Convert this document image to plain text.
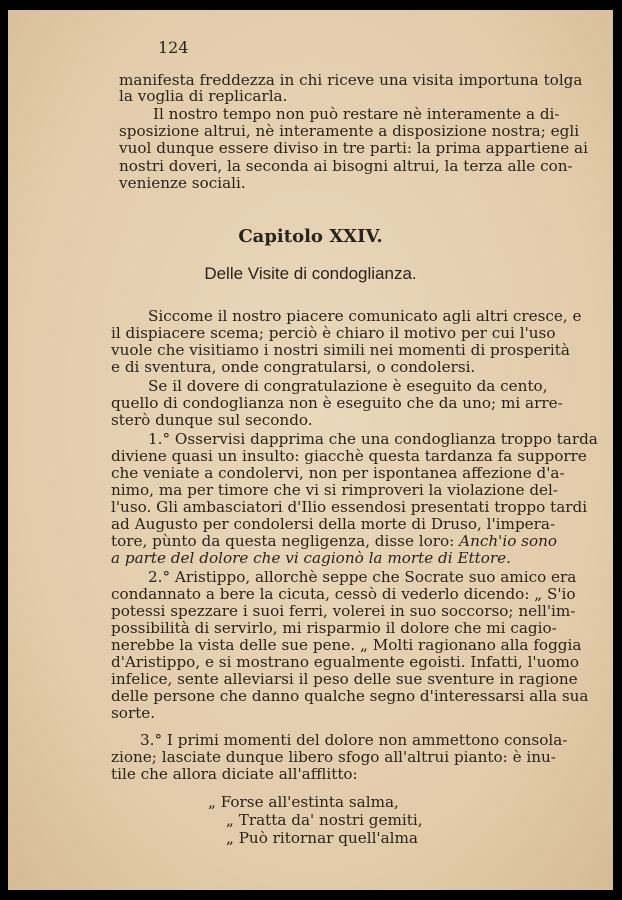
124
manifesta freddezza in chi riceve una visita importuna tolga
la voglia di replicarla.
Il nostro tempo non può restare nè interamente a di-
sposizione altrui, nè interamente a disposizione nostra; egli
vuol dunque essere diviso in tre parti: la prima appartiene ai
nostri doveri, la seconda ai bisogni altrui, la terza alle con-
venienze sociali.
Capitolo XXIV.
Delle Visite di condoglianza.
Siccome il nostro piacere comunicato agli altri cresce, e
il dispiacere scema; perciò è chiaro il motivo per cui l'uso
vuole che visitiamo i nostri simili nei momenti di prosperità
e di sventura, onde congratularsi, o condolersi.
Se il dovere di congratulazione è eseguito da cento,
quello di condoglianza non è eseguito che da uno; mi arre-
sterò dunque sul secondo.
1.° Osservisi dapprima che una condoglianza troppo tarda
diviene quasi un insulto: giacchè questa tardanza fa supporre
che veniate a condolervi, non per ispontanea affezione d'a-
nimo, ma per timore che vi si rimproveri la violazione del-
l'uso. Gli ambasciatori d'Ilio essendosi presentati troppo tardi
ad Augusto per condolersi della morte di Druso, l'impera-
tore, pùnto da questa negligenza, disse loro: Anch'io sono
a parte del dolore che vi cagionò la morte di Ettore.
2.° Aristippo, allorchè seppe che Socrate suo amico era
condannato a bere la cicuta, cessò di vederlo dicendo: „ S'io
potessi spezzare i suoi ferri, volerei in suo soccorso; nell'im-
possibilità di servirlo, mi risparmio il dolore che mi cagio-
nerebbe la vista delle sue pene. „ Molti ragionano alla foggia
d'Aristippo, e si mostrano egualmente egoisti. Infatti, l'uomo
infelice, sente alleviarsi il peso delle sue sventure in ragione
delle persone che danno qualche segno d'interessarsi alla sua
sorte.
3.° I primi momenti del dolore non ammettono consola-
zione; lasciate dunque libero sfogo all'altrui pianto: è inu-
tile che allora diciate all'afflitto:
„ Forse all'estinta salma,
„ Tratta da' nostri gemiti,
„ Può ritornar quell'alma
